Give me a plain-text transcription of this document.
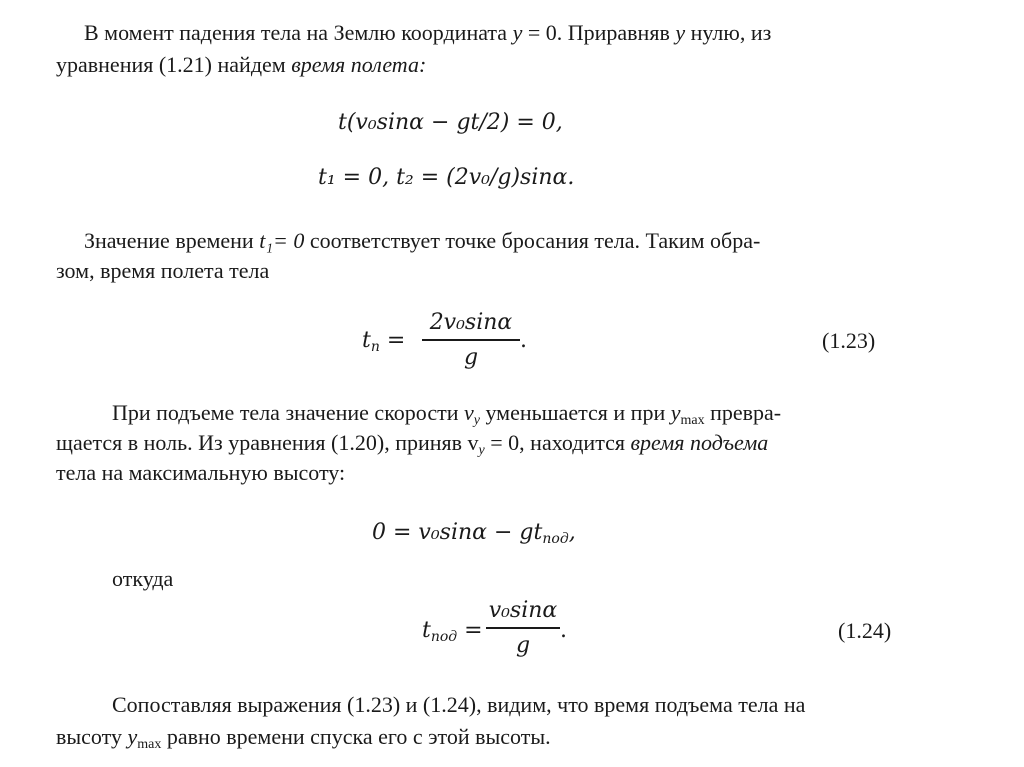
В момент падения тела на Землю координата y = 0. Приравняв y нулю, из
уравнения (1.21) найдем время полета:
t(v₀sinα − gt/2) = 0,
t₁ = 0, t₂ = (2v₀/g)sinα.
Значение времени t₁= 0 соответствует точке бросания тела. Таким обра-
зом, время полета тела
$t_n$ =
2v₀sinα
g
.	(1.23)
При подъеме тела значение скорости $v_y$ уменьшается и при $y_{max}$ превра-
щается в ноль. Из уравнения (1.20), приняв $v_y = 0$, находится время подъема
тела на максимальную высоту:
$0 = v_0\sin\alpha - gt_{под}$,
откуда
$t_{под}$ =
v₀sinα
g
.	(1.24)
Сопоставляя выражения (1.23) и (1.24), видим, что время подъема тела на
высоту $y_{max}$ равно времени спуска его с этой высоты.
